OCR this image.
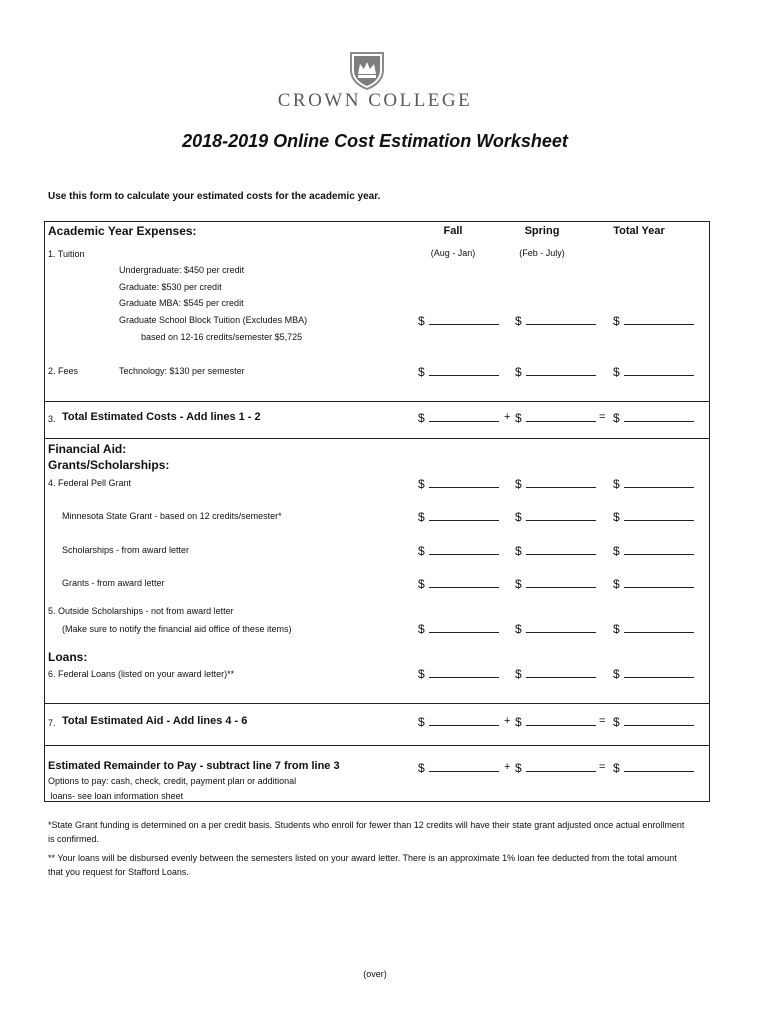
CROWN COLLEGE
2018-2019 Online Cost Estimation Worksheet
Use this form to calculate your estimated costs for the academic year.
Academic Year Expenses:	Fall	Spring	Total Year
(Aug - Jan)	(Feb - July)
1. Tuition
Undergraduate: $450 per credit
Graduate: $530 per credit
Graduate MBA: $545 per credit
Graduate School Block Tuition (Excludes MBA)
based on 12-16 credits/semester $5,725
$	$	$
2. Fees	Technology: $130 per semester	$	$	$
3. Total Estimated Costs - Add lines 1 - 2	$	+ $	= $
Financial Aid:
Grants/Scholarships:
4. Federal Pell Grant	$	$	$
Minnesota State Grant - based on 12 credits/semester*	$	$	$
Scholarships - from award letter	$	$	$
Grants - from award letter	$	$	$
5. Outside Scholarships - not from award letter
(Make sure to notify the financial aid office of these items)	$	$	$
Loans:
6. Federal Loans (listed on your award letter)**	$	$	$
7. Total Estimated Aid - Add lines 4 - 6	$	+ $	= $
Estimated Remainder to Pay - subtract line 7 from line 3
Options to pay: cash, check, credit, payment plan or additional
loans- see loan information sheet
$	+ $	= $
*State Grant funding is determined on a per credit basis. Students who enroll for fewer than 12 credits will have their state grant adjusted once actual enrollment is confirmed.
** Your loans will be disbursed evenly between the semesters listed on your award letter. There is an approximate 1% loan fee deducted from the total amount that you request for Stafford Loans.
(over)
